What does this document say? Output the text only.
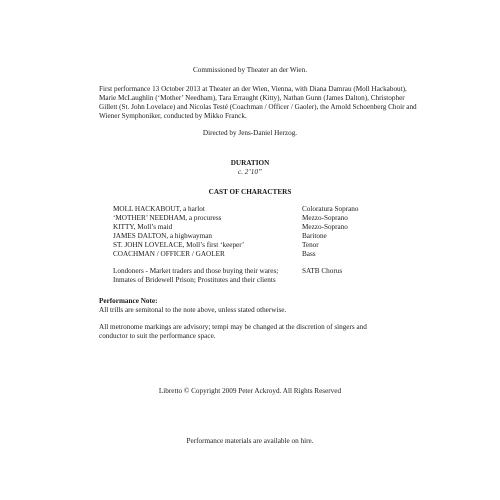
Commissioned by Theater an der Wien.
First performance 13 October 2013 at Theater an der Wien, Vienna, with Diana Damrau (Moll Hackabout),
Marie McLaughlin (‘Mother’ Needham), Tara Erraught (Kitty), Nathan Gunn (James Dalton), Christopher
Gillett (St. John Lovelace) and Nicolas Testé (Coachman / Officer / Gaoler), the Arnold Schoenberg Choir and
Wiener Symphoniker, conducted by Mikko Franck.
Directed by Jens-Daniel Herzog.
DURATION
c. 2’10”
CAST OF CHARACTERS
MOLL HACKABOUT, a harlot	Coloratura Soprano
‘MOTHER’ NEEDHAM, a procuress	Mezzo-Soprano
KITTY, Moll’s maid	Mezzo-Soprano
JAMES DALTON, a highwayman	Baritone
ST. JOHN LOVELACE, Moll’s first ‘keeper’	Tenor
COACHMAN / OFFICER / GAOLER	Bass
Londoners - Market traders and those buying their wares;	SATB Chorus
Inmates of Bridewell Prison; Prostitutes and their clients
Performance Note:
All trills are semitonal to the note above, unless stated otherwise.
All metronome markings are advisory; tempi may be changed at the discretion of singers and
conductor to suit the performance space.
Libretto © Copyright 2009 Peter Ackroyd. All Rights Reserved
Performance materials are available on hire.
